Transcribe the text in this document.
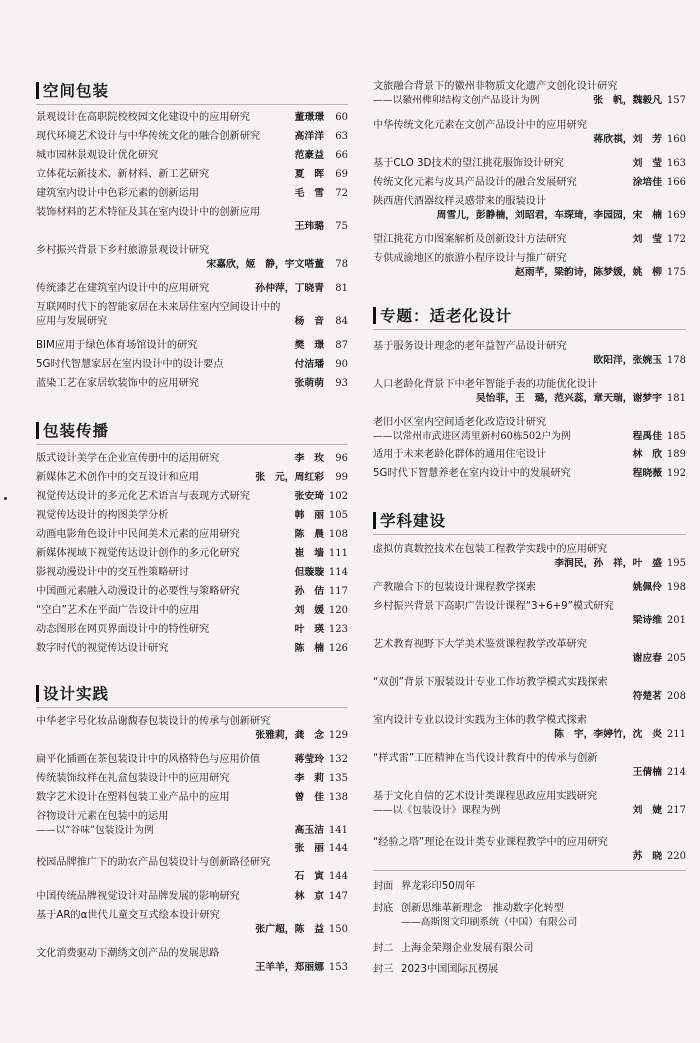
空间包装
景观设计在高职院校校园文化建设中的应用研究	董璟璟	60
现代环境艺术设计与中华传统文化的融合创新研究	高洋洋	63
城市园林景观设计优化研究	范豪益	66
立体花坛新技术、新材料、新工艺研究	夏　晖	69
建筑室内设计中色彩元素的创新运用	毛　雪	72
装饰材料的艺术特征及其在室内设计中的创新应用
王玮璐	75
乡村振兴背景下乡村旅游景观设计研究
宋嘉欣，姬　静，宇文嗒董	78
传统漆艺在建筑室内设计中的应用研究	孙仲萍，丁晓青	81
互联网时代下的智能家居在未来居住室内空间设计中的
应用与发展研究	杨　音	84
BIM应用于绿色体育场馆设计的研究	樊　璟	87
5G时代智慧家居在室内设计中的设计要点	付洁璠	90
蓝染工艺在家居软装饰中的应用研究	张萌萌	93
包装传播
版式设计美学在企业宣传册中的运用研究	李　玫	96
新媒体艺术创作中的交互设计和应用	张　元，周红彩	99
视觉传达设计的多元化艺术语言与表现方式研究	张安琦 102
视觉传达设计的构图美学分析	韩　丽 105
动画电影角色设计中民间美术元素的应用研究	陈　晨 108
新媒体视域下视觉传达设计创作的多元化研究	崔　墙 111
影视动漫设计中的交互性策略研讨	但璇璇 114
中国画元素融入动漫设计的必要性与策略研究	孙　佶 117
“空白”艺术在平面广告设计中的应用	刘　媛 120
动态图形在网页界面设计中的特性研究	叶　瑛 123
数字时代的视觉传达设计研究	陈　楠 126
设计实践
中华老字号化妆品谢馥春包装设计的传承与创新研究
张雅莉，龚　念 129
扁平化插画在茶包装设计中的风格特色与应用价值	蒋莹玲 132
传统装饰纹样在礼盒包装设计中的应用研究	李　莉 135
数字艺术设计在塑料包装工业产品中的应用	曾　佳 138
谷物设计元素在包装中的运用
——以“谷味”包装设计为例	高玉洁 141
张　丽 144
校园品牌推广下的助农产品包装设计与创新路径研究
石　寅 144
中国传统品牌视觉设计对品牌发展的影响研究	林　京 147
基于AR的α世代儿童交互式绘本设计研究
张广超，陈　益 150
文化消费驱动下潮绣文创产品的发展思路
王羊羊，郑丽娜 153
文旅融合背景下的徽州非物质文化遗产文创化设计研究
——以徽州榫卯结构文创产品设计为例	张　帆，魏毅凡 157
中华传统文化元素在文创产品设计中的应用研究
蒋欣祺，刘　芳 160
基于CLO 3D技术的望江挑花服饰设计研究	刘　莹 163
传统文化元素与皮具产品设计的融合发展研究	涂培佳 166
陕西唐代酒器纹样灵感带来的服装设计
周雪儿，彭静楠，刘昭君，车琛琦，李园园，宋　楠 169
望江挑花方巾图案解析及创新设计方法研究	刘　莹 172
专供成渝地区的旅游小程序设计与推广研究
赵雨芊，梁韵诗，陈梦媛，姚　柳 175
专题：适老化设计
基于服务设计理念的老年益智产品设计研究
欧阳洋，张婉玉 178
人口老龄化背景下中老年智能手表的功能优化设计
吴怡菲，王　璐，范兴蕊，章天瑞，谢梦宇 181
老旧小区室内空间适老化改造设计研究
——以常州市武进区湾里新村60栋502户为例	程禹佳 185
适用于未来老龄化群体的通用住宅设计	林　欣 189
5G时代下智慧养老在室内设计中的发展研究	程晓薇 192
学科建设
虚拟仿真数控技术在包装工程教学实践中的应用研究
李润民，孙　祥，叶　盛 195
产教融合下的包装设计课程教学探索	姚佩伶 198
乡村振兴背景下高职广告设计课程“3+6+9”模式研究
梁诗维 201
艺术教育视野下大学美术鉴赏课程教学改革研究
谢应春 205
“双创”背景下服装设计专业工作坊教学模式实践探索
符楚茗 208
室内设计专业以设计实践为主体的教学模式探索
陈　宇，李婷竹，沈　炎 211
“样式雷”工匠精神在当代设计教育中的传承与创新
王倩楠 214
基于文化自信的艺术设计类课程思政应用实践研究
——以《包装设计》课程为例	刘　婕 217
“经验之塔”理论在设计类专业课程教学中的应用研究
苏　晓 220
封面 界龙彩印50周年
封底 创新思维革新理念　推动数字化转型
——高斯图文印刷系统（中国）有限公司
封二 上海金荣翔企业发展有限公司
封三 2023中国国际瓦楞展
